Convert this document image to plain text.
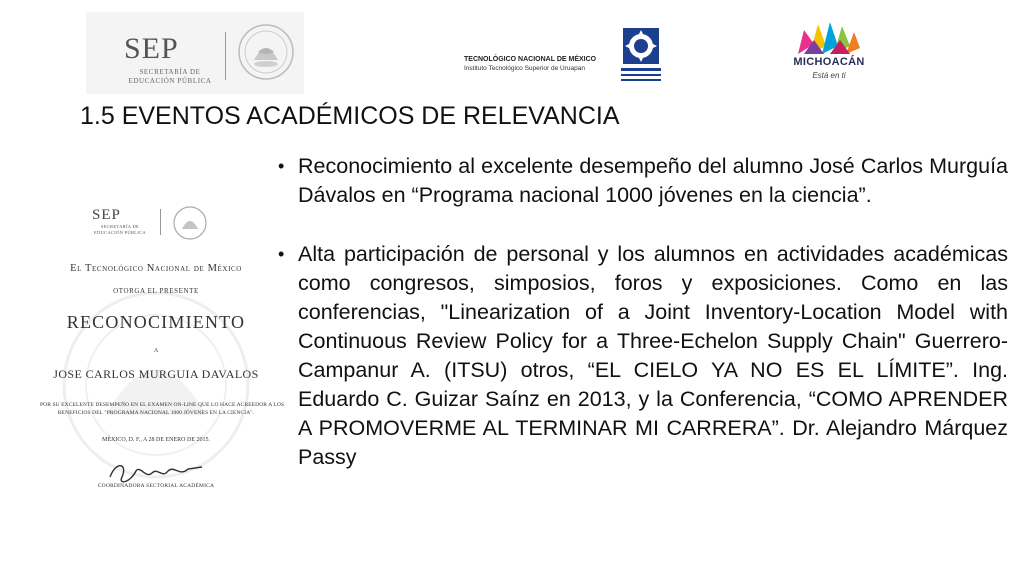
SEP
SECRETARÍA DE
EDUCACIÓN PÚBLICA
TECNOLÓGICO NACIONAL DE MÉXICO
Instituto Tecnológico Superior de Uruapan
MICHOACÁN
Está en ti
1.5 EVENTOS ACADÉMICOS DE RELEVANCIA
SEP
SECRETARÍA DE
EDUCACIÓN PÚBLICA
El Tecnológico Nacional de México
OTORGA EL PRESENTE
RECONOCIMIENTO
A
JOSE CARLOS MURGUIA DAVALOS
POR SU EXCELENTE DESEMPEÑO EN EL EXAMEN ON-LINE QUE LO HACE ACREEDOR A LOS
BENEFICIOS DEL "PROGRAMA NACIONAL 1000 JÓVENES EN LA CIENCIA".
MÉXICO, D. F., A 28 DE ENERO DE 2015.
COORDINADORA SECTORIAL ACADÉMICA
• Reconocimiento al excelente desempeño del alumno José Carlos Murguía Dávalos en “Programa nacional 1000 jóvenes en la ciencia”.
• Alta participación de personal y los alumnos en actividades académicas como congresos, simposios, foros y exposiciones. Como en las conferencias, "Linearization of a Joint Inventory-Location Model with Continuous Review Policy for a Three-Echelon Supply Chain" Guerrero-Campanur A. (ITSU) otros, “EL CIELO YA NO ES EL LÍMITE”. Ing. Eduardo C. Guizar Saínz en 2013, y la Conferencia, “COMO APRENDER A PROMOVERME AL TERMINAR MI CARRERA”. Dr. Alejandro Márquez Passy
